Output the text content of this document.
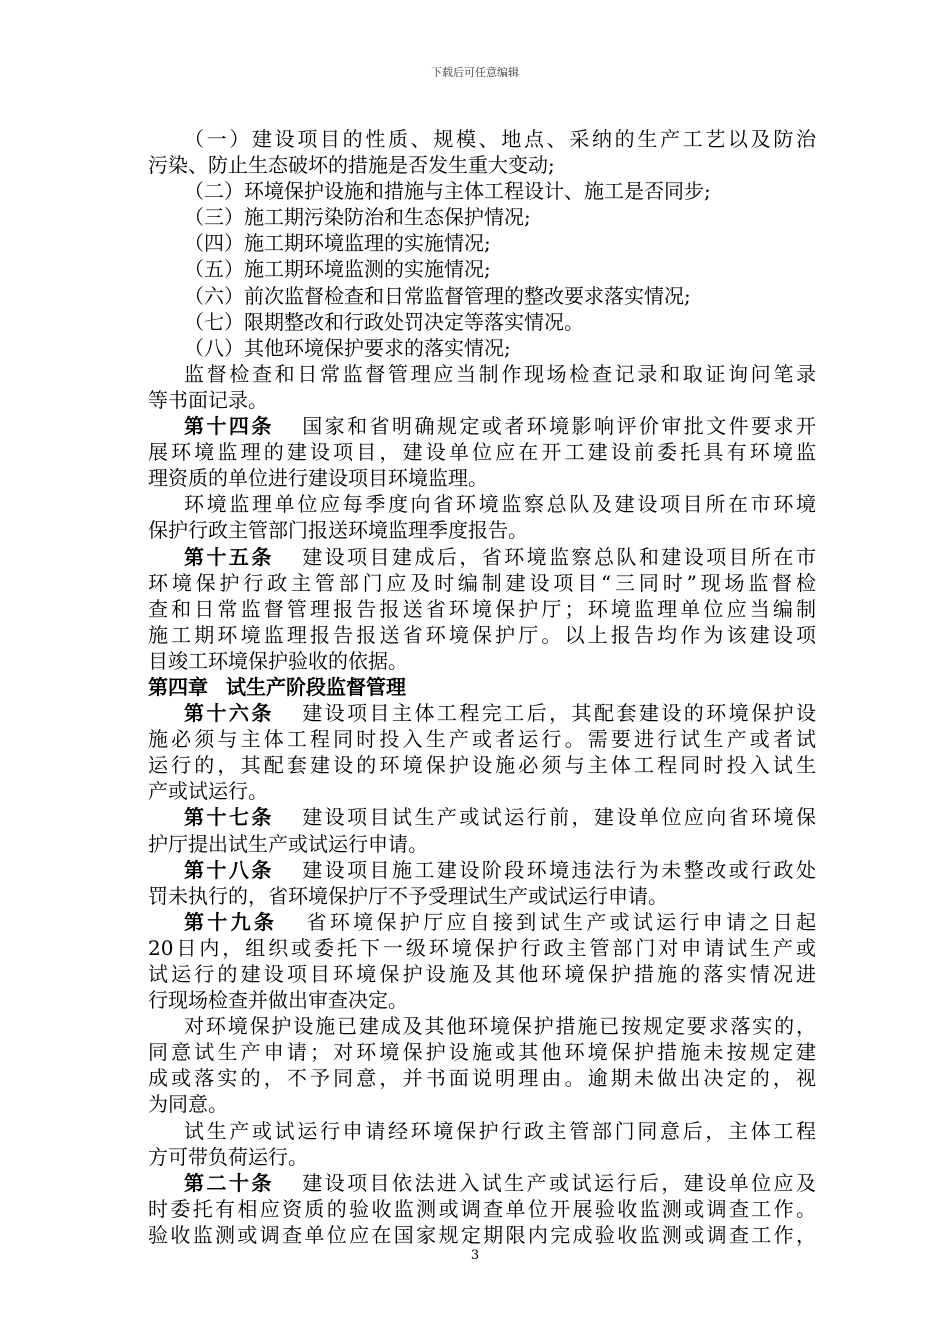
下载后可任意编辑
（一）建设项目的性质、规模、地点、采纳的生产工艺以及防治
污染、防止生态破坏的措施是否发生重大变动;
（二）环境保护设施和措施与主体工程设计、施工是否同步;
（三）施工期污染防治和生态保护情况;
（四）施工期环境监理的实施情况;
（五）施工期环境监测的实施情况;
（六）前次监督检查和日常监督管理的整改要求落实情况;
（七）限期整改和行政处罚决定等落实情况。
（八）其他环境保护要求的落实情况;
监督检查和日常监督管理应当制作现场检查记录和取证询问笔录
等书面记录。
第十四条 国家和省明确规定或者环境影响评价审批文件要求开
展环境监理的建设项目，建设单位应在开工建设前委托具有环境监
理资质的单位进行建设项目环境监理。
环境监理单位应每季度向省环境监察总队及建设项目所在市环境
保护行政主管部门报送环境监理季度报告。
第十五条 建设项目建成后，省环境监察总队和建设项目所在市
环境保护行政主管部门应及时编制建设项目“三同时”现场监督检
查和日常监督管理报告报送省环境保护厅；环境监理单位应当编制
施工期环境监理报告报送省环境保护厅。以上报告均作为该建设项
目竣工环境保护验收的依据。
第四章 试生产阶段监督管理
第十六条 建设项目主体工程完工后，其配套建设的环境保护设
施必须与主体工程同时投入生产或者运行。需要进行试生产或者试
运行的，其配套建设的环境保护设施必须与主体工程同时投入试生
产或试运行。
第十七条 建设项目试生产或试运行前，建设单位应向省环境保
护厅提出试生产或试运行申请。
第十八条 建设项目施工建设阶段环境违法行为未整改或行政处
罚未执行的，省环境保护厅不予受理试生产或试运行申请。
第十九条 省环境保护厅应自接到试生产或试运行申请之日起
20日内，组织或委托下一级环境保护行政主管部门对申请试生产或
试运行的建设项目环境保护设施及其他环境保护措施的落实情况进
行现场检查并做出审查决定。
对环境保护设施已建成及其他环境保护措施已按规定要求落实的，
同意试生产申请；对环境保护设施或其他环境保护措施未按规定建
成或落实的，不予同意，并书面说明理由。逾期未做出决定的，视
为同意。
试生产或试运行申请经环境保护行政主管部门同意后，主体工程
方可带负荷运行。
第二十条 建设项目依法进入试生产或试运行后，建设单位应及
时委托有相应资质的验收监测或调查单位开展验收监测或调查工作。
验收监测或调查单位应在国家规定期限内完成验收监测或调查工作，
3
